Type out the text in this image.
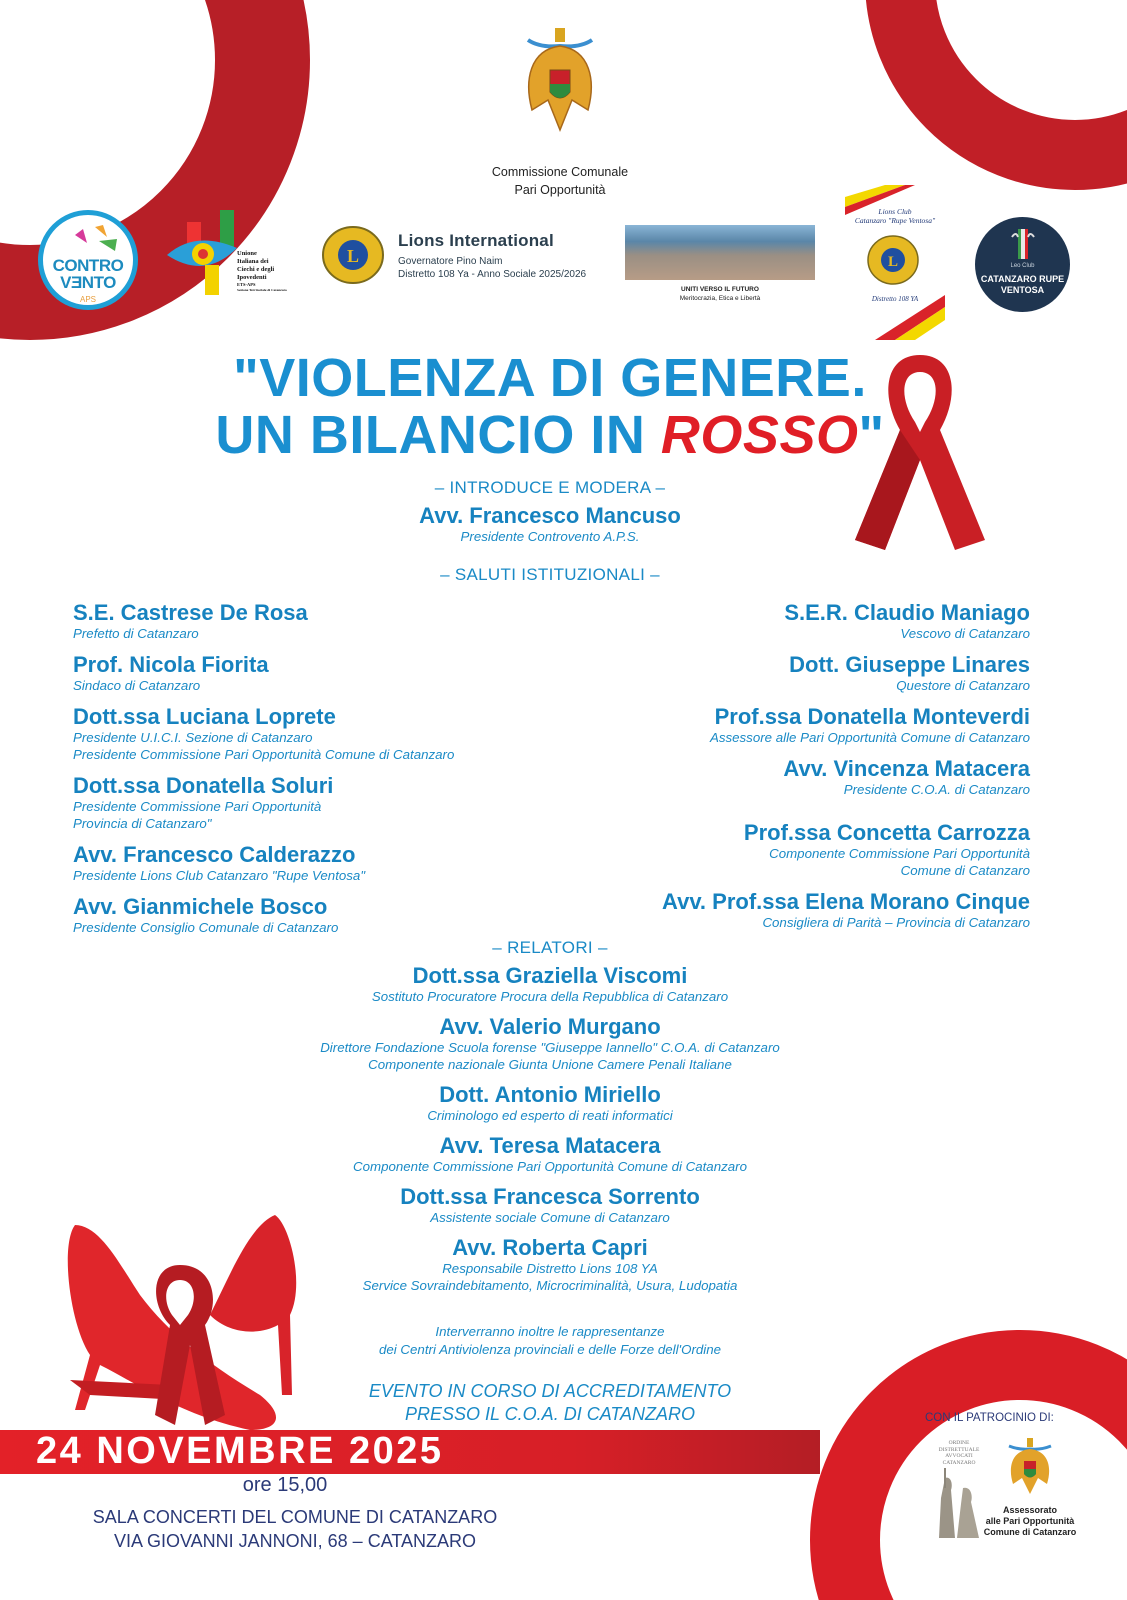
Commissione Comunale
Pari Opportunità
CONTRO
VƎNTO
APS
Unione
Italiana dei
Ciechi e degli
Ipovedenti
ETS-APS
Sezione Territoriale di Catanzaro
L
Lions International
Governatore Pino Naim
Distretto 108 Ya - Anno Sociale 2025/2026
UNITI VERSO IL FUTURO
Meritocrazia, Etica e Libertà
L
Lions Club
Catanzaro "Rupe Ventosa"
Distretto 108 YA
Leo Club
CATANZARO RUPE
VENTOSA
"VIOLENZA DI GENERE.
UN BILANCIO IN ROSSO"
– INTRODUCE E MODERA –
Avv. Francesco Mancuso
Presidente Controvento A.P.S.
– SALUTI ISTITUZIONALI –
S.E. Castrese De Rosa
Prefetto di Catanzaro
Prof. Nicola Fiorita
Sindaco di Catanzaro
Dott.ssa Luciana Loprete
Presidente U.I.C.I. Sezione di Catanzaro
Presidente Commissione Pari Opportunità Comune di Catanzaro
Dott.ssa Donatella Soluri
Presidente Commissione Pari Opportunità
Provincia di Catanzaro"
Avv. Francesco Calderazzo
Presidente Lions Club Catanzaro "Rupe Ventosa"
Avv. Gianmichele Bosco
Presidente Consiglio Comunale di Catanzaro
S.E.R. Claudio Maniago
Vescovo di Catanzaro
Dott. Giuseppe Linares
Questore di Catanzaro
Prof.ssa Donatella Monteverdi
Assessore alle Pari Opportunità Comune di Catanzaro
Avv. Vincenza Matacera
Presidente C.O.A. di Catanzaro
Prof.ssa Concetta Carrozza
Componente Commissione Pari Opportunità
Comune di Catanzaro
Avv. Prof.ssa Elena Morano Cinque
Consigliera di Parità – Provincia di Catanzaro
– RELATORI –
Dott.ssa Graziella Viscomi
Sostituto Procuratore Procura della Repubblica di Catanzaro
Avv. Valerio Murgano
Direttore Fondazione Scuola forense "Giuseppe Iannello" C.O.A. di Catanzaro
Componente nazionale Giunta Unione Camere Penali Italiane
Dott. Antonio Miriello
Criminologo ed esperto di reati informatici
Avv. Teresa Matacera
Componente Commissione Pari Opportunità Comune di Catanzaro
Dott.ssa Francesca Sorrento
Assistente sociale Comune di Catanzaro
Avv. Roberta Capri
Responsabile Distretto Lions 108 YA
Service Sovraindebitamento, Microcriminalità, Usura, Ludopatia
Interverranno inoltre le rappresentanze
dei Centri Antiviolenza provinciali e delle Forze dell'Ordine
EVENTO IN CORSO DI ACCREDITAMENTO
PRESSO IL C.O.A. DI CATANZARO
24 NOVEMBRE 2025
ore 15,00
SALA CONCERTI DEL COMUNE DI CATANZARO
VIA GIOVANNI JANNONI, 68 – CATANZARO
CON IL PATROCINIO DI:
ORDINE
DISTRETTUALE
AVVOCATI
CATANZARO
Assessorato
alle Pari Opportunità
Comune di Catanzaro
